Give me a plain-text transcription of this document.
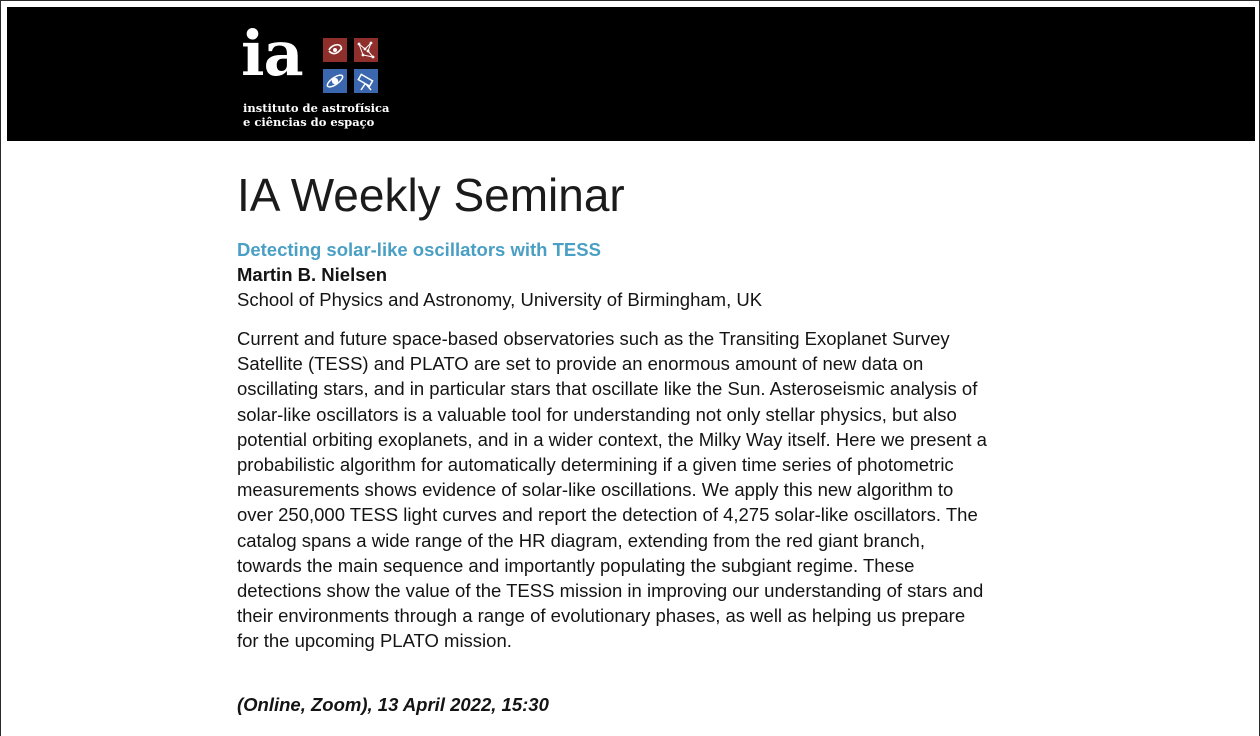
ia
instituto de astrofísica
e ciências do espaço
IA Weekly Seminar
Detecting solar-like oscillators with TESS
Martin B. Nielsen
School of Physics and Astronomy, University of Birmingham, UK
Current and future space-based observatories such as the Transiting Exoplanet Survey
Satellite (TESS) and PLATO are set to provide an enormous amount of new data on
oscillating stars, and in particular stars that oscillate like the Sun. Asteroseismic analysis of
solar-like oscillators is a valuable tool for understanding not only stellar physics, but also
potential orbiting exoplanets, and in a wider context, the Milky Way itself. Here we present a
probabilistic algorithm for automatically determining if a given time series of photometric
measurements shows evidence of solar-like oscillations. We apply this new algorithm to
over 250,000 TESS light curves and report the detection of 4,275 solar-like oscillators. The
catalog spans a wide range of the HR diagram, extending from the red giant branch,
towards the main sequence and importantly populating the subgiant regime. These
detections show the value of the TESS mission in improving our understanding of stars and
their environments through a range of evolutionary phases, as well as helping us prepare
for the upcoming PLATO mission.
(Online, Zoom), 13 April 2022, 15:30
